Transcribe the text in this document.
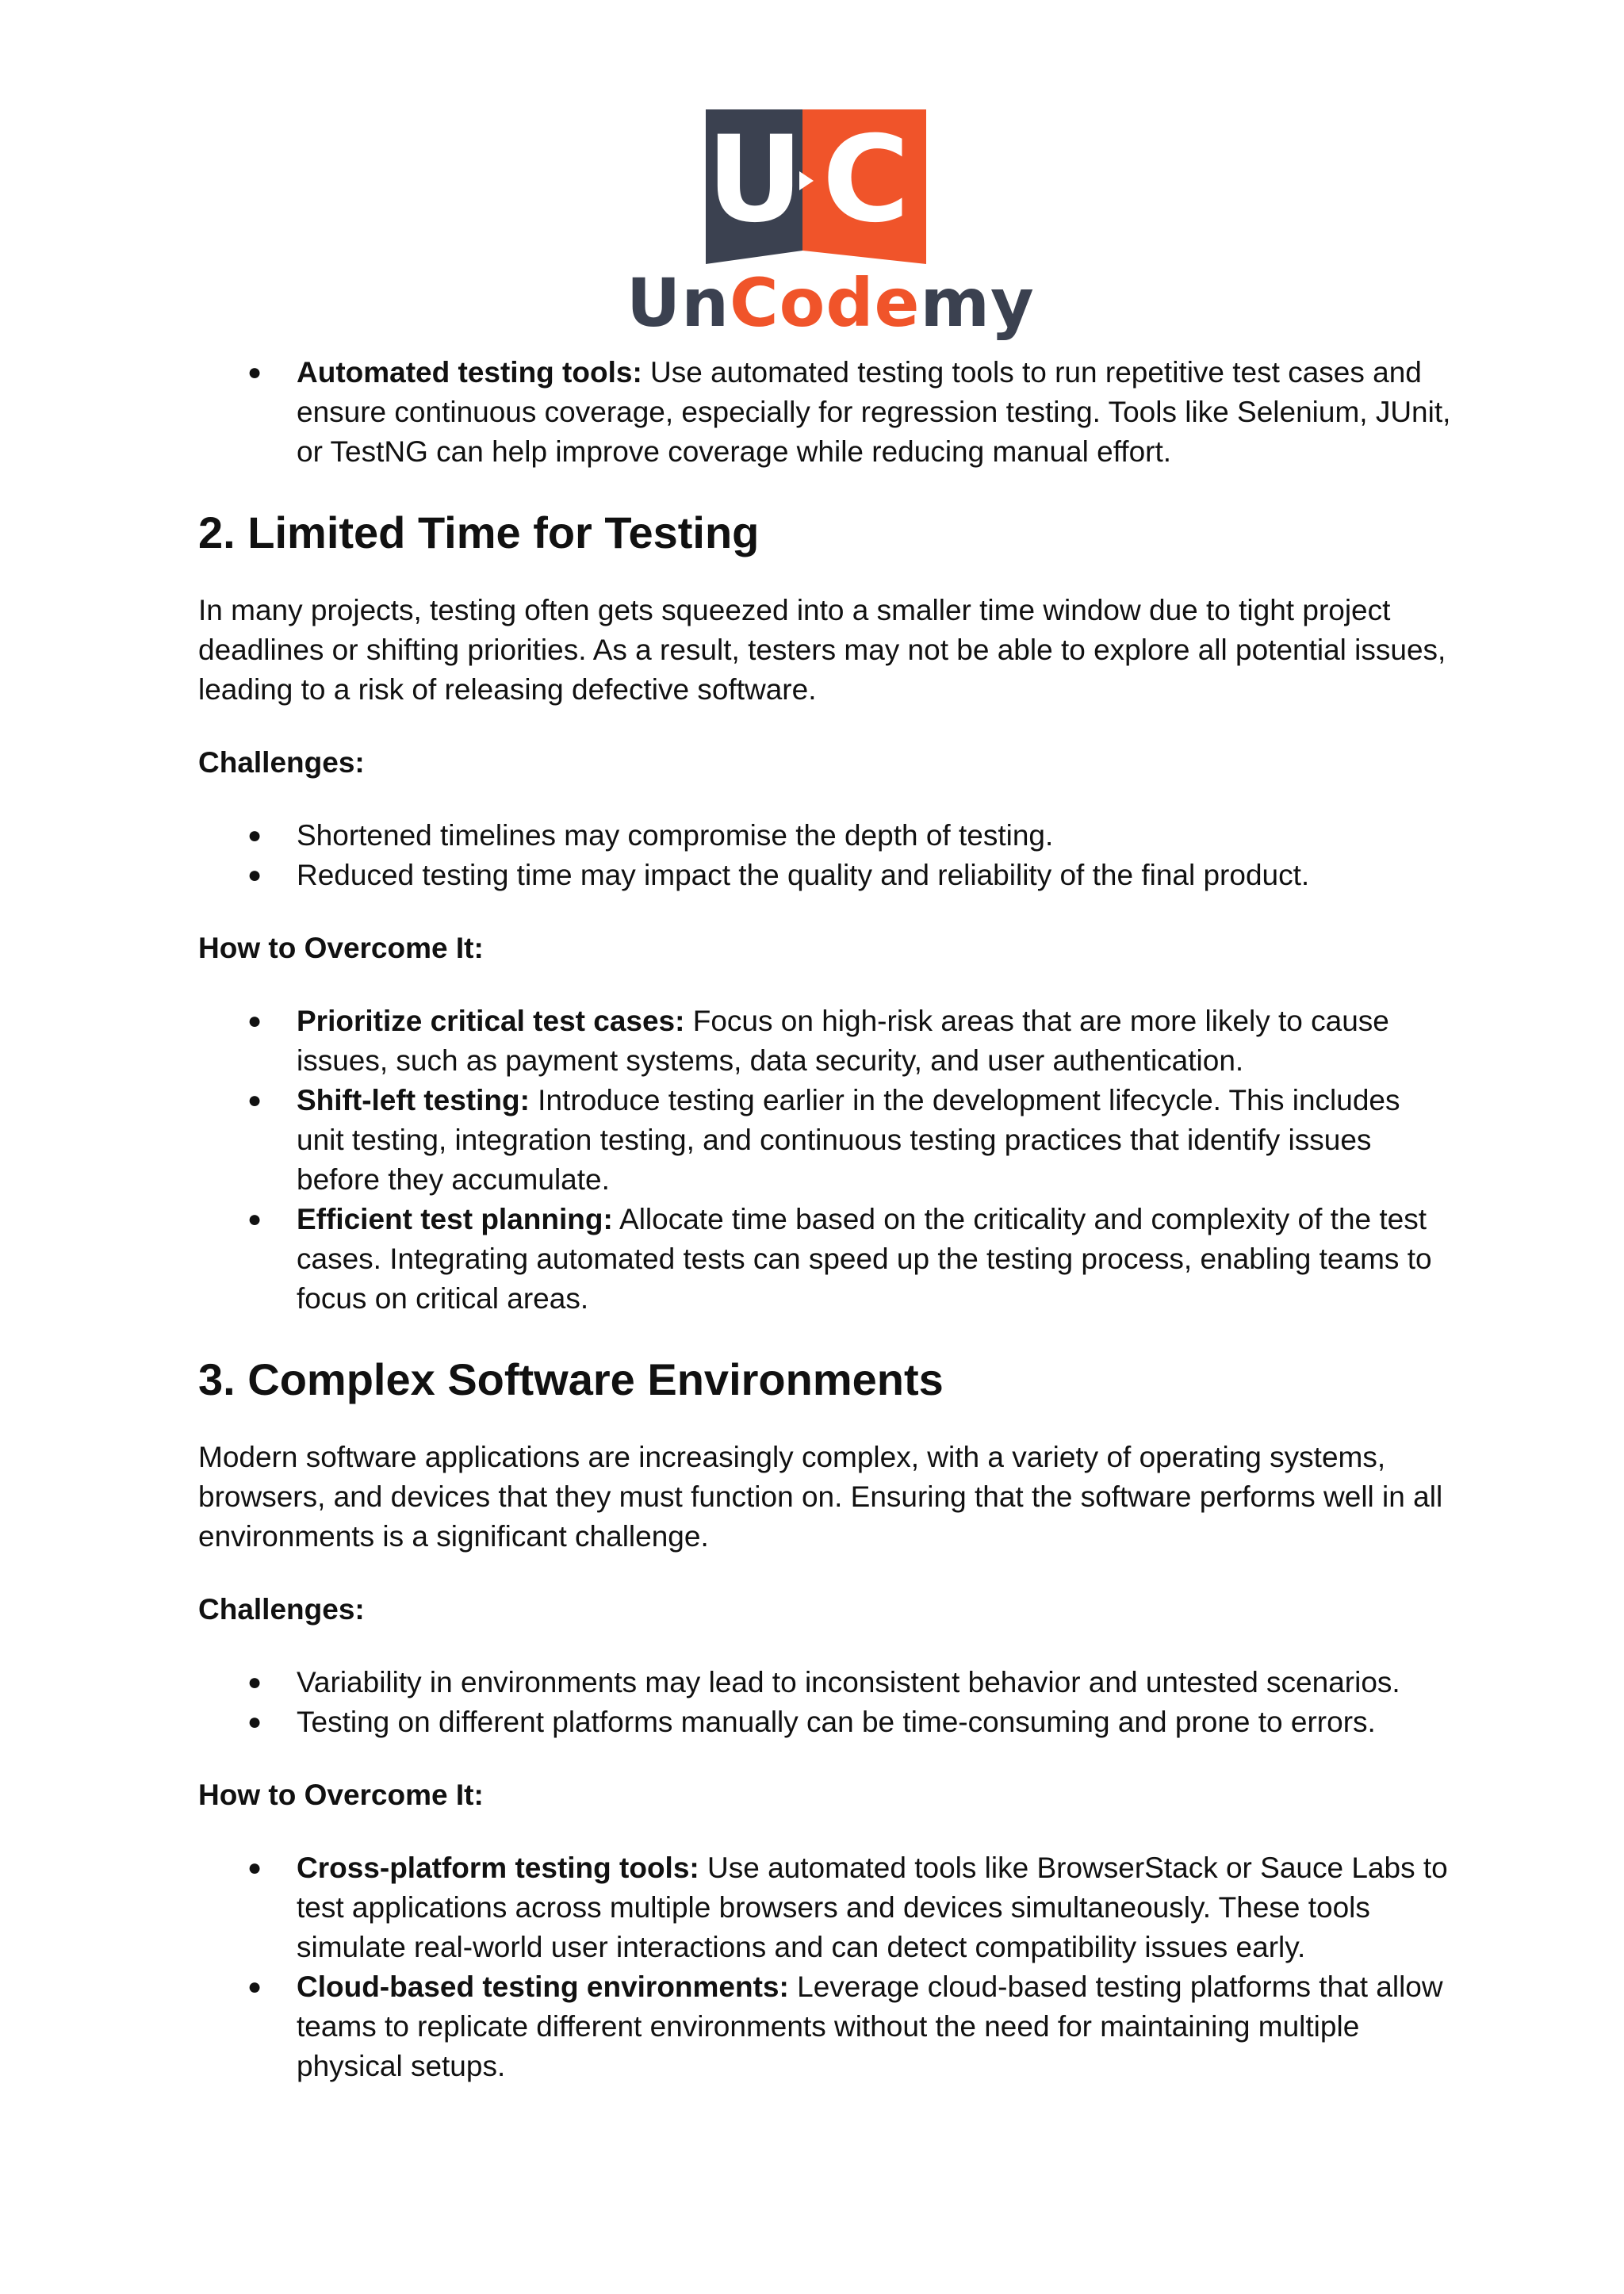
U C
UnCodemy
● Automated testing tools: Use automated testing tools to run repetitive test cases and ensure continuous coverage, especially for regression testing. Tools like Selenium, JUnit, or TestNG can help improve coverage while reducing manual effort.
2. Limited Time for Testing

In many projects, testing often gets squeezed into a smaller time window due to tight project deadlines or shifting priorities. As a result, testers may not be able to explore all potential issues, leading to a risk of releasing defective software.

Challenges:
● Shortened timelines may compromise the depth of testing.
● Reduced testing time may impact the quality and reliability of the final product.
How to Overcome It:
● Prioritize critical test cases: Focus on high-risk areas that are more likely to cause issues, such as payment systems, data security, and user authentication.
● Shift-left testing: Introduce testing earlier in the development lifecycle. This includes unit testing, integration testing, and continuous testing practices that identify issues before they accumulate.
● Efficient test planning: Allocate time based on the criticality and complexity of the test cases. Integrating automated tests can speed up the testing process, enabling teams to focus on critical areas.
3. Complex Software Environments

Modern software applications are increasingly complex, with a variety of operating systems, browsers, and devices that they must function on. Ensuring that the software performs well in all environments is a significant challenge.

Challenges:
● Variability in environments may lead to inconsistent behavior and untested scenarios.
● Testing on different platforms manually can be time-consuming and prone to errors.
How to Overcome It:
● Cross-platform testing tools: Use automated tools like BrowserStack or Sauce Labs to test applications across multiple browsers and devices simultaneously. These tools simulate real-world user interactions and can detect compatibility issues early.
● Cloud-based testing environments: Leverage cloud-based testing platforms that allow teams to replicate different environments without the need for maintaining multiple physical setups.
